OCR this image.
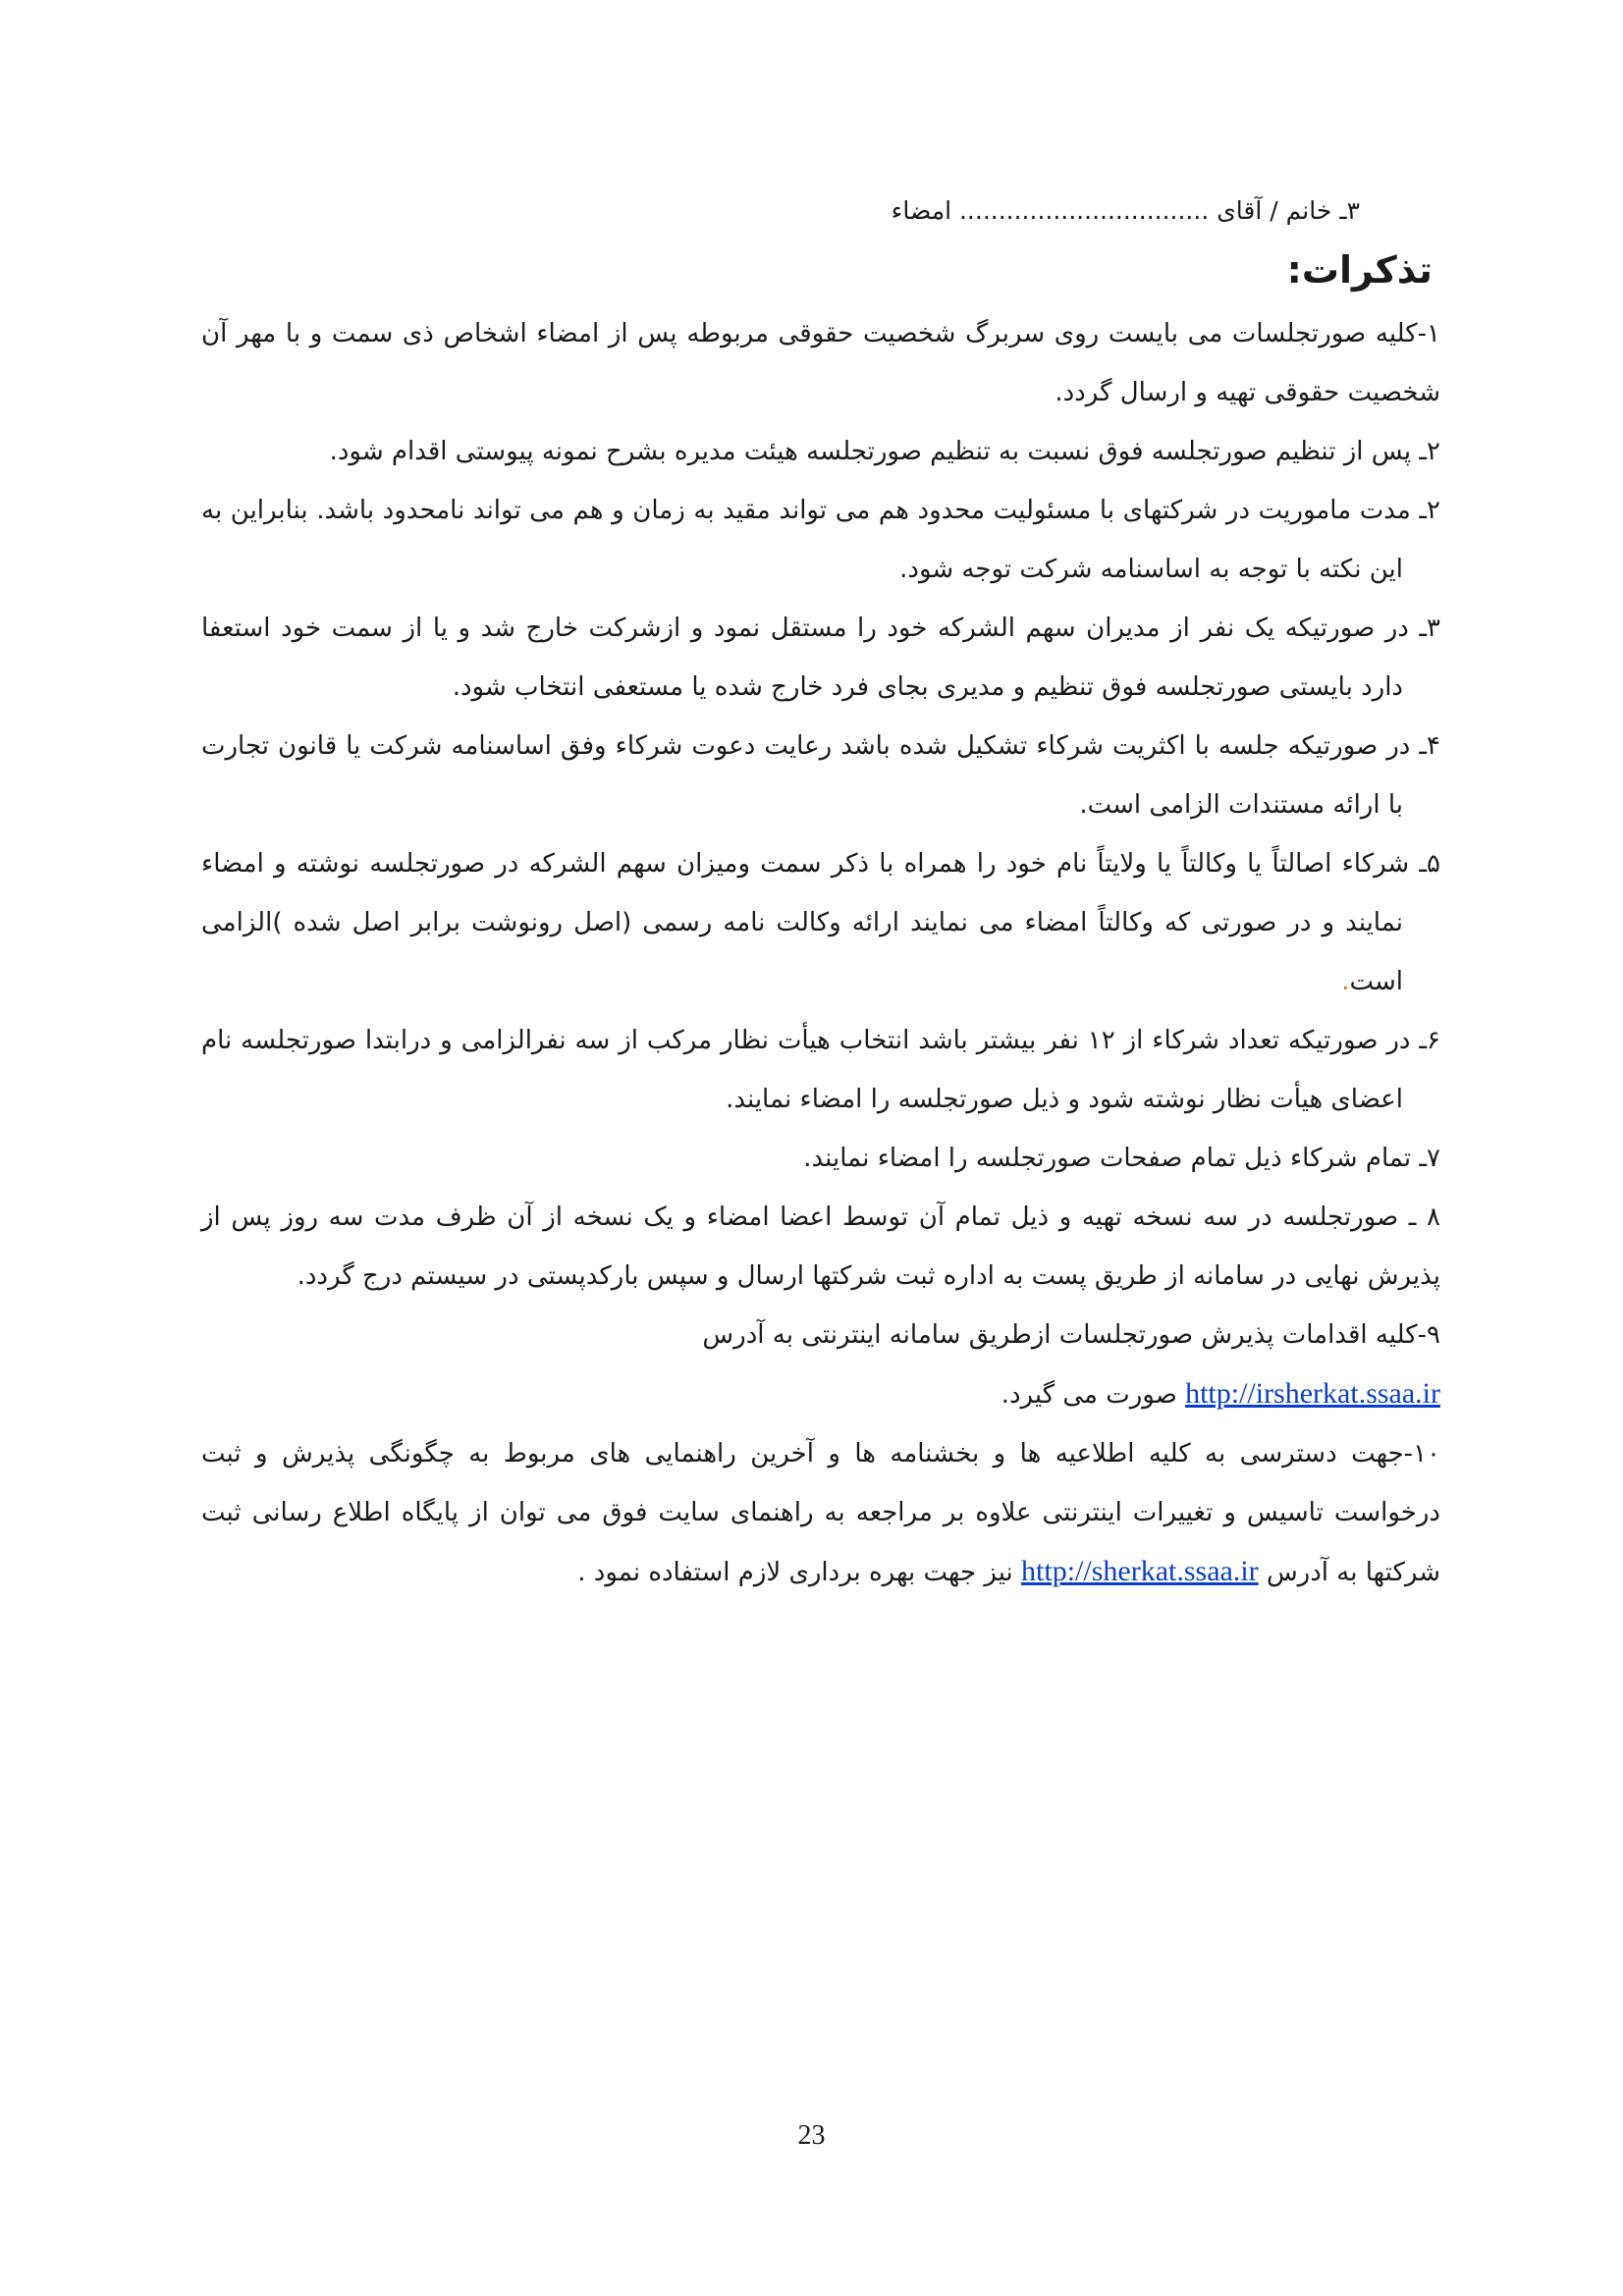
۳ـ خانم / آقای ................................ امضاء

تذکرات:

۱-کلیه صورتجلسات می بایست روی سربرگ شخصیت حقوقی مربوطه پس از امضاء اشخاص ذی سمت و با مهر آن شخصیت حقوقی تهیه و ارسال گردد.

۲ـ پس از تنظیم صورتجلسه فوق نسبت به تنظیم صورتجلسه هیئت مدیره بشرح نمونه پیوستی اقدام شود.

۲ـ مدت ماموریت در شرکتهای با مسئولیت محدود هم می تواند مقید به زمان و هم می تواند نامحدود باشد. بنابراین به این نکته با توجه به اساسنامه شرکت توجه شود.

۳ـ در صورتیکه یک نفر از مدیران سهم الشرکه خود را مستقل نمود و ازشرکت خارج شد و یا از سمت خود استعفا دارد بایستی صورتجلسه فوق تنظیم و مدیری بجای فرد خارج شده یا مستعفی انتخاب شود.

۴ـ در صورتیکه جلسه با اکثریت شرکاء تشکیل شده باشد رعایت دعوت شرکاء وفق اساسنامه شرکت یا قانون تجارت با ارائه مستندات الزامی است.

۵ـ شرکاء اصالتاً یا وکالتاً یا ولایتاً نام خود را همراه با ذکر سمت ومیزان سهم الشرکه در صورتجلسه نوشته و امضاء نمایند و در صورتی که وکالتاً امضاء می نمایند ارائه وکالت نامه رسمی (اصل رونوشت برابر اصل شده )الزامی است.

۶ـ در صورتیکه تعداد شرکاء از ۱۲ نفر بیشتر باشد انتخاب هیأت نظار مرکب از سه نفرالزامی و درابتدا صورتجلسه نام اعضای هیأت نظار نوشته شود و ذیل صورتجلسه را امضاء نمایند.

۷ـ تمام شرکاء ذیل تمام صفحات صورتجلسه را امضاء نمایند.

۸ ـ صورتجلسه در سه نسخه تهیه و ذیل تمام آن توسط اعضا امضاء و یک نسخه از آن ظرف مدت سه روز پس از پذیرش نهایی در سامانه از طریق پست به اداره ثبت شرکتها ارسال و سپس بارکدپستی در سیستم درج گردد.

۹-کلیه اقدامات پذیرش صورتجلسات ازطریق سامانه اینترنتی به آدرس
http://irsherkat.ssaa.ir صورت می گیرد.

۱۰-جهت دسترسی به کلیه اطلاعیه ها و بخشنامه ها و آخرین راهنمایی های مربوط به چگونگی پذیرش و ثبت درخواست تاسیس و تغییرات اینترنتی علاوه بر مراجعه به راهنمای سایت فوق می توان از پایگاه اطلاع رسانی ثبت شرکتها به آدرس http://sherkat.ssaa.ir نیز جهت بهره برداری لازم استفاده نمود .

23
